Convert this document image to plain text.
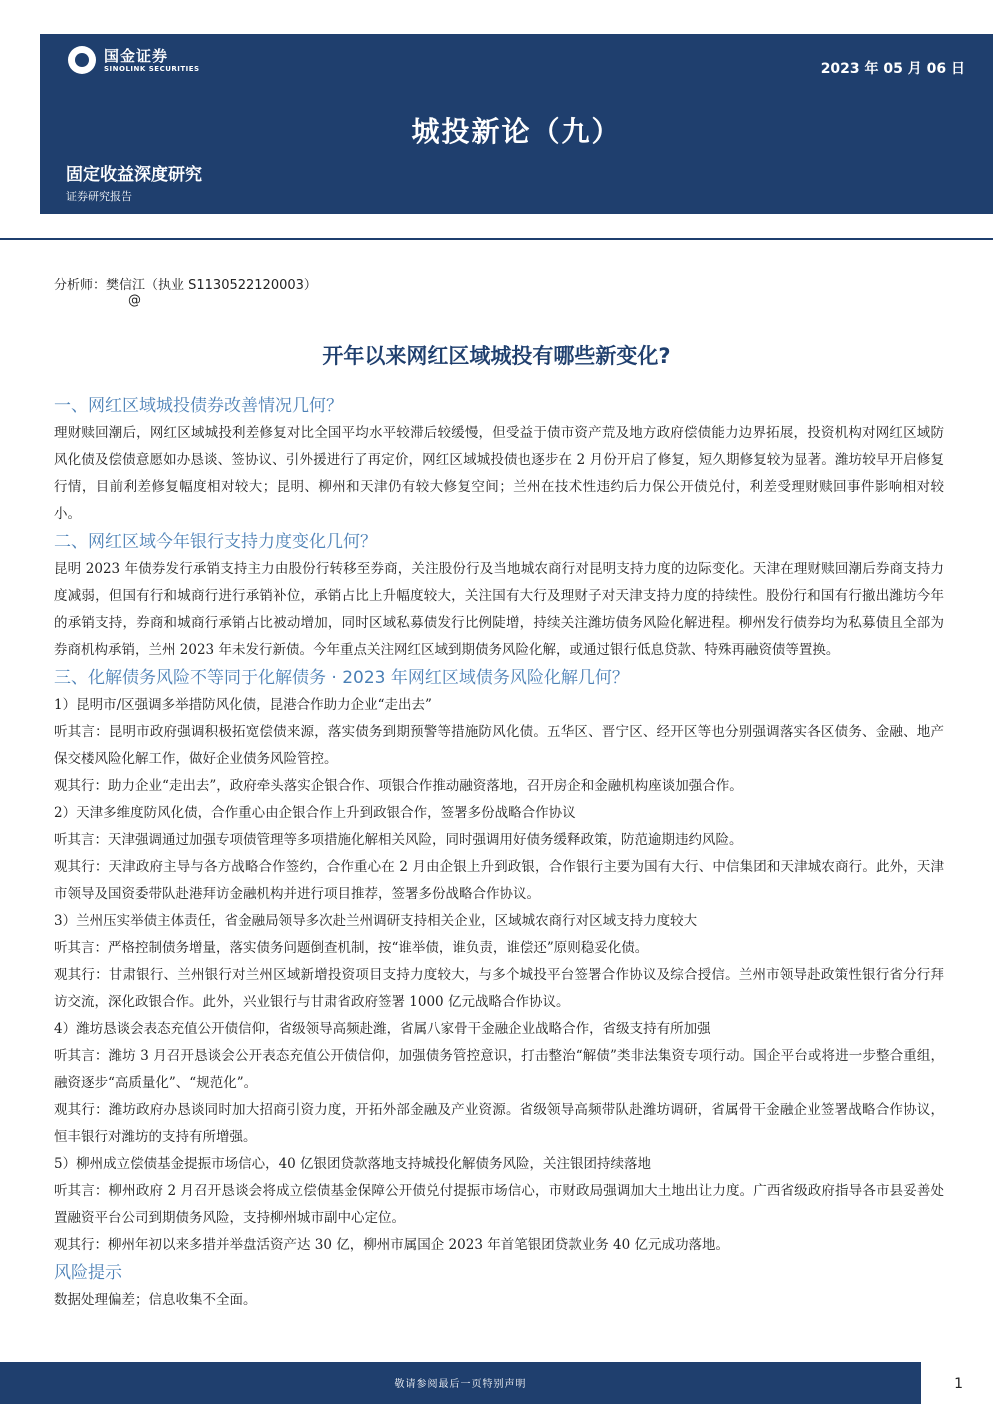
国金证券
SINOLINK SECURITIES	2023 年 05 月 06 日
城投新论（九）
固定收益深度研究
证券研究报告
分析师：樊信江（执业 S1130522120003）
@
开年以来网红区域城投有哪些新变化?
一、网红区域城投债券改善情况几何？
理财赎回潮后，网红区域城投利差修复对比全国平均水平较滞后较缓慢，但受益于债市资产荒及地方政府偿债能力边界拓展，投资机构对网红区域防风化债及偿债意愿如办恳谈、签协议、引外援进行了再定价，网红区域城投债也逐步在 2 月份开启了修复，短久期修复较为显著。潍坊较早开启修复行情，目前利差修复幅度相对较大；昆明、柳州和天津仍有较大修复空间；兰州在技术性违约后力保公开债兑付，利差受理财赎回事件影响相对较小。
二、网红区域今年银行支持力度变化几何？
昆明 2023 年债券发行承销支持主力由股份行转移至券商，关注股份行及当地城农商行对昆明支持力度的边际变化。天津在理财赎回潮后券商支持力度减弱，但国有行和城商行进行承销补位，承销占比上升幅度较大，关注国有大行及理财子对天津支持力度的持续性。股份行和国有行撤出潍坊今年的承销支持，券商和城商行承销占比被动增加，同时区域私募债发行比例陡增，持续关注潍坊债务风险化解进程。柳州发行债券均为私募债且全部为券商机构承销，兰州 2023 年未发行新债。今年重点关注网红区域到期债务风险化解，或通过银行低息贷款、特殊再融资债等置换。
三、化解债务风险不等同于化解债务 · 2023 年网红区域债务风险化解几何？
1）昆明市/区强调多举措防风化债，昆港合作助力企业“走出去”
听其言：昆明市政府强调积极拓宽偿债来源，落实债务到期预警等措施防风化债。五华区、晋宁区、经开区等也分别强调落实各区债务、金融、地产保交楼风险化解工作，做好企业债务风险管控。
观其行：助力企业“走出去”，政府牵头落实企银合作、项银合作推动融资落地，召开房企和金融机构座谈加强合作。
2）天津多维度防风化债，合作重心由企银合作上升到政银合作，签署多份战略合作协议
听其言：天津强调通过加强专项债管理等多项措施化解相关风险，同时强调用好债务缓释政策，防范逾期违约风险。
观其行：天津政府主导与各方战略合作签约，合作重心在 2 月由企银上升到政银，合作银行主要为国有大行、中信集团和天津城农商行。此外，天津市领导及国资委带队赴港拜访金融机构并进行项目推荐，签署多份战略合作协议。
3）兰州压实举债主体责任，省金融局领导多次赴兰州调研支持相关企业，区域城农商行对区域支持力度较大
听其言：严格控制债务增量，落实债务问题倒查机制，按“谁举债，谁负责，谁偿还”原则稳妥化债。
观其行：甘肃银行、兰州银行对兰州区域新增投资项目支持力度较大，与多个城投平台签署合作协议及综合授信。兰州市领导赴政策性银行省分行拜访交流，深化政银合作。此外，兴业银行与甘肃省政府签署 1000 亿元战略合作协议。
4）潍坊恳谈会表态充值公开债信仰，省级领导高频赴潍，省属八家骨干金融企业战略合作，省级支持有所加强
听其言：潍坊 3 月召开恳谈会公开表态充值公开债信仰，加强债务管控意识，打击整治“解债”类非法集资专项行动。国企平台或将进一步整合重组，融资逐步“高质量化”、“规范化”。
观其行：潍坊政府办恳谈同时加大招商引资力度，开拓外部金融及产业资源。省级领导高频带队赴潍坊调研，省属骨干金融企业签署战略合作协议，恒丰银行对潍坊的支持有所增强。
5）柳州成立偿债基金提振市场信心，40 亿银团贷款落地支持城投化解债务风险，关注银团持续落地
听其言：柳州政府 2 月召开恳谈会将成立偿债基金保障公开债兑付提振市场信心，市财政局强调加大土地出让力度。广西省级政府指导各市县妥善处置融资平台公司到期债务风险，支持柳州城市副中心定位。
观其行：柳州年初以来多措并举盘活资产达 30 亿，柳州市属国企 2023 年首笔银团贷款业务 40 亿元成功落地。
风险提示
数据处理偏差；信息收集不全面。
敬请参阅最后一页特别声明	1
